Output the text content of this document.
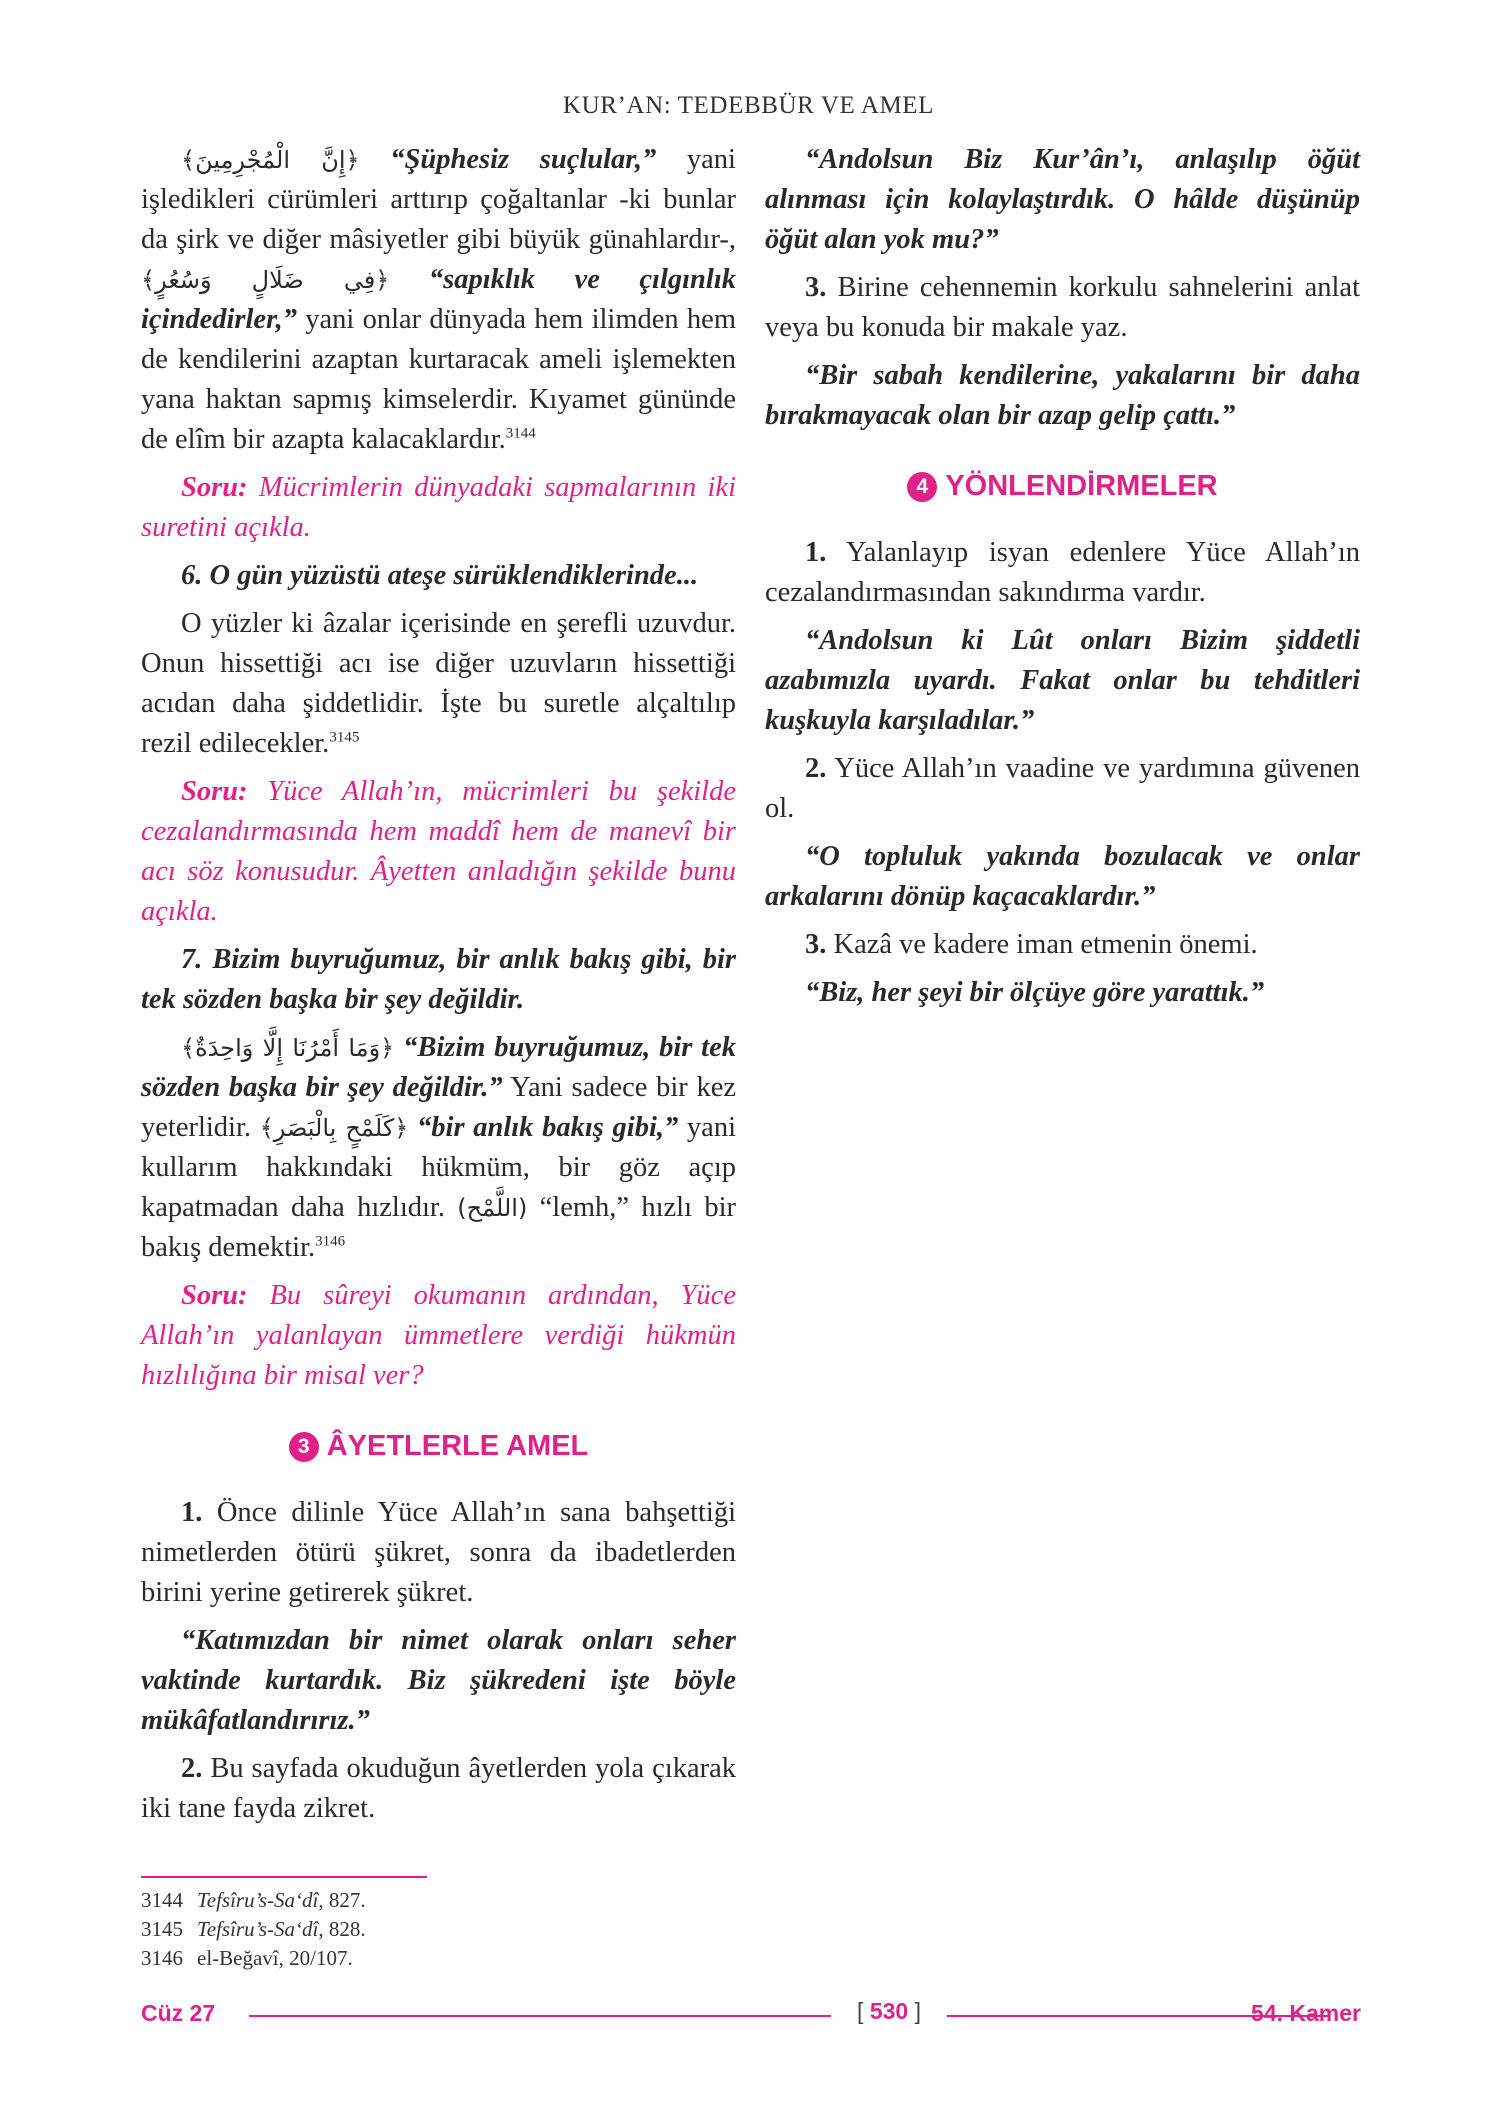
KUR’AN: TEDEBBÜR VE AMEL

﴿إِنَّ الْمُجْرِمِينَ﴾ “Şüphesiz suçlular,” yani işledikleri cürümleri arttırıp çoğaltanlar -ki bunlar da şirk ve diğer mâsiyetler gibi büyük günahlardır-, ﴿فِي ضَلَالٍ وَسُعُرٍ﴾ “sapıklık ve çılgınlık içindedirler,” yani onlar dünyada hem ilimden hem de kendilerini azaptan kurtaracak ameli işlemekten yana haktan sapmış kimselerdir. Kıyamet gününde de elîm bir azapta kalacaklardır.$^{3144}$

Soru: Mücrimlerin dünyadaki sapmalarının iki suretini açıkla.

6. O gün yüzüstü ateşe sürüklendiklerinde...

O yüzler ki âzalar içerisinde en şerefli uzuvdur. Onun hissettiği acı ise diğer uzuvların hissettiği acıdan daha şiddetlidir. İşte bu suretle alçaltılıp rezil edilecekler.$^{3145}$

Soru: Yüce Allah’ın, mücrimleri bu şekilde cezalandırmasında hem maddî hem de manevî bir acı söz konusudur. Âyetten anladığın şekilde bunu açıkla.

7. Bizim buyruğumuz, bir anlık bakış gibi, bir tek sözden başka bir şey değildir.

﴿وَمَا أَمْرُنَا إِلَّا وَاحِدَةٌ﴾ “Bizim buyruğumuz, bir tek sözden başka bir şey değildir.” Yani sadece bir kez yeterlidir. ﴿كَلَمْحٍ بِالْبَصَرِ﴾ “bir anlık bakış gibi,” yani kullarım hakkındaki hükmüm, bir göz açıp kapatmadan daha hızlıdır. (اللَّمْح) “lemh,” hızlı bir bakış demektir.$^{3146}$

Soru: Bu sûreyi okumanın ardından, Yüce Allah’ın yalanlayan ümmetlere verdiği hükmün hızlılığına bir misal ver?

3 ÂYETLERLE AMEL

1. Önce dilinle Yüce Allah’ın sana bahşettiği nimetlerden ötürü şükret, sonra da ibadetlerden birini yerine getirerek şükret.

“Katımızdan bir nimet olarak onları seher vaktinde kurtardık. Biz şükredeni işte böyle mükâfatlandırırız.”

2. Bu sayfada okuduğun âyetlerden yola çıkarak iki tane fayda zikret.

“Andolsun Biz Kur’ân’ı, anlaşılıp öğüt alınması için kolaylaştırdık. O hâlde düşünüp öğüt alan yok mu?”

3. Birine cehennemin korkulu sahnelerini anlat veya bu konuda bir makale yaz.

“Bir sabah kendilerine, yakalarını bir daha bırakmayacak olan bir azap gelip çattı.”

4 YÖNLENDİRMELER

1. Yalanlayıp isyan edenlere Yüce Allah’ın cezalandırmasından sakındırma vardır.

“Andolsun ki Lût onları Bizim şiddetli azabımızla uyardı. Fakat onlar bu tehditleri kuşkuyla karşıladılar.”

2. Yüce Allah’ın vaadine ve yardımına güvenen ol.

“O topluluk yakında bozulacak ve onlar arkalarını dönüp kaçacaklardır.”

3. Kazâ ve kadere iman etmenin önemi.

“Biz, her şeyi bir ölçüye göre yarattık.”

3144 Tefsîru’s-Sa‘dî, 827.
3145 Tefsîru’s-Sa‘dî, 828.
3146 el-Beğavî, 20/107.
Cüz 27	[ 530 ]	54. Kamer
